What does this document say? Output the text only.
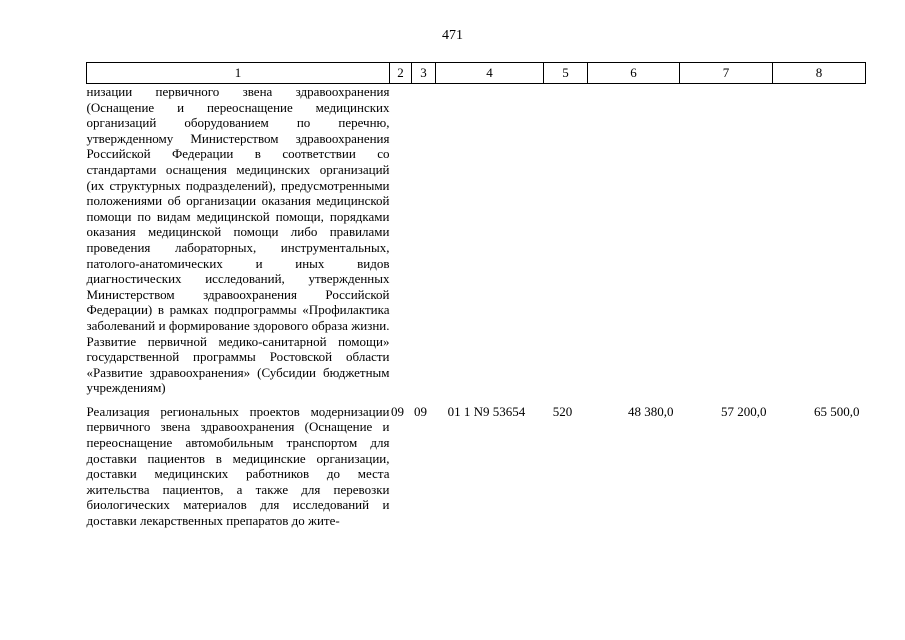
471
1	2	3	4	5	6	7	8
низации первичного звена здравоохранения (Оснащение и переоснащение медицинских организаций оборудованием по перечню, утвержденному Министерством здравоохранения Российской Федерации в соответствии со стандартами оснащения медицинских организаций (их структурных подразделений), предусмотренными положениями об организации оказания медицинской помощи по видам медицинской помощи, порядками оказания медицинской помощи либо правилами проведения лабораторных, инструментальных, патолого-анатомических и иных видов диагностических исследований, утвержденных Министерством здравоохранения Российской Федерации) в рамках подпрограммы «Профилактика заболеваний и формирование здорового образа жизни. Развитие первичной медико-санитарной помощи» государственной программы Ростовской области «Развитие здравоохранения» (Субсидии бюджетным учреждениям)							
Реализация региональных проектов модернизации первичного звена здравоохранения (Оснащение и переоснащение автомобильным транспортом для доставки пациентов в медицинские организации, доставки медицинских работников до места жительства пациентов, а также для перевозки биологических материалов для исследований и доставки лекарственных препаратов до жите-	09	09	01 1 N9 53654	520	48 380,0	57 200,0	65 500,0
